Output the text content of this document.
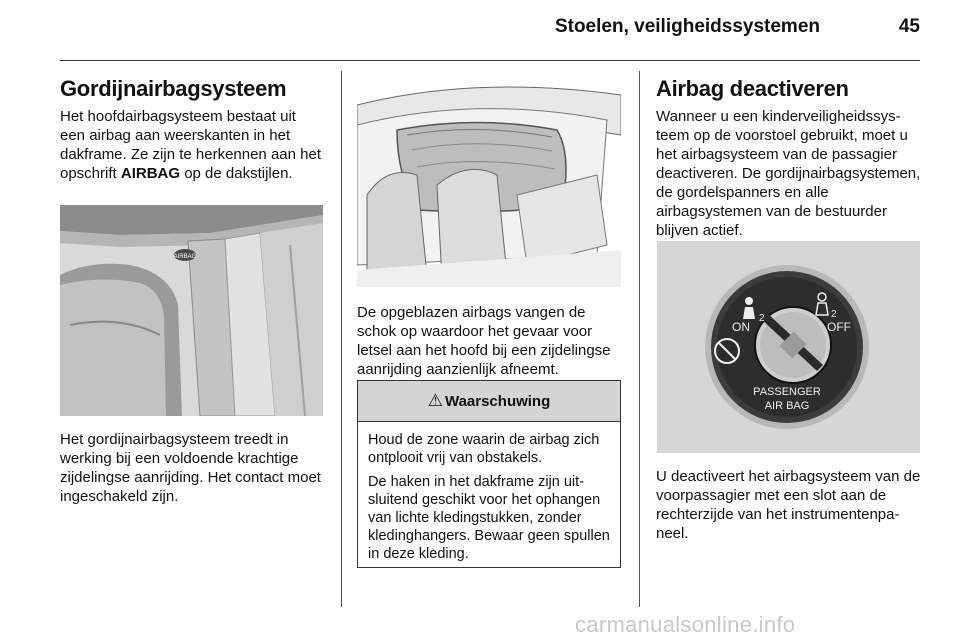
Stoelen, veiligheidssystemen	45
Gordijnairbagsysteem

Het hoofdairbagsysteem bestaat uit een airbag aan weerskanten in het dakframe. Ze zijn te herkennen aan het opschrift AIRBAG op de dakstijlen.

AIRBAG
Het gordijnairbagsysteem treedt in werking bij een voldoende krachtige zijdelingse aanrijding. Het contact moet ingeschakeld zijn.
De opgeblazen airbags vangen de schok op waardoor het gevaar voor letsel aan het hoofd bij een zijdelingse aanrijding aanzienlijk afneemt.
⚠ Waarschuwing

Houd de zone waarin de airbag zich ontplooit vrij van obstakels.

De haken in het dakframe zijn uitsluitend geschikt voor het ophangen van lichte kledingstukken, zonder kledinghangers. Bewaar geen spullen in deze kleding.

Airbag deactiveren
Wanneer u een kinderveiligheidssysteem op de voorstoel gebruikt, moet u het airbagsysteem van de passagier deactiveren. De gordijnairbagsystemen, de gordelspanners en alle airbagsystemen van de bestuurder blijven actief.
2	2
ON	OFF
PASSENGER
AIR BAG
U deactiveert het airbagsysteem van de voorpassagier met een slot aan de rechterzijde van het instrumentenpaneel.
carmanualsonline.info
